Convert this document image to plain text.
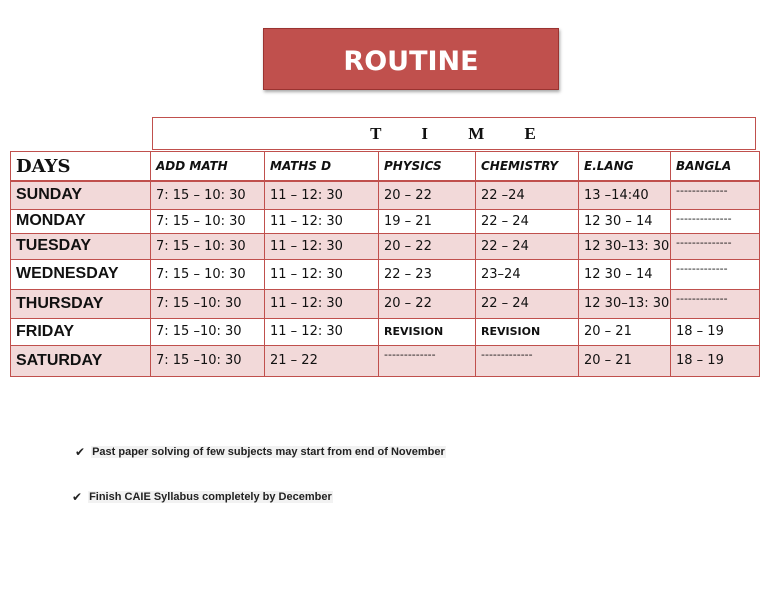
ROUTINE
T I M E
DAYS	ADD MATH	MATHS D	PHYSICS	CHEMISTRY	E.LANG	BANGLA
SUNDAY	7: 15 – 10: 30	11 – 12: 30	20 – 22	22 –24	13 –14:40	-------------
MONDAY	7: 15 – 10: 30	11 – 12: 30	19 – 21	22 – 24	12 30 – 14	--------------
TUESDAY	7: 15 – 10: 30	11 – 12: 30	20 – 22	22 – 24	12 30–13: 30	--------------
WEDNESDAY	7: 15 – 10: 30	11 – 12: 30	22 – 23	23–24	12 30 – 14	-------------
THURSDAY	7: 15 –10: 30	11 – 12: 30	20 – 22	22 – 24	12 30–13: 30	-------------
FRIDAY	7: 15 –10: 30	11 – 12: 30	REVISION	REVISION	20 – 21	18 – 19
SATURDAY	7: 15 –10: 30	21 – 22	-------------	-------------	20 – 21	18 – 19
✔ Past paper solving of few subjects may start from end of November
✔ Finish CAIE Syllabus completely by December
